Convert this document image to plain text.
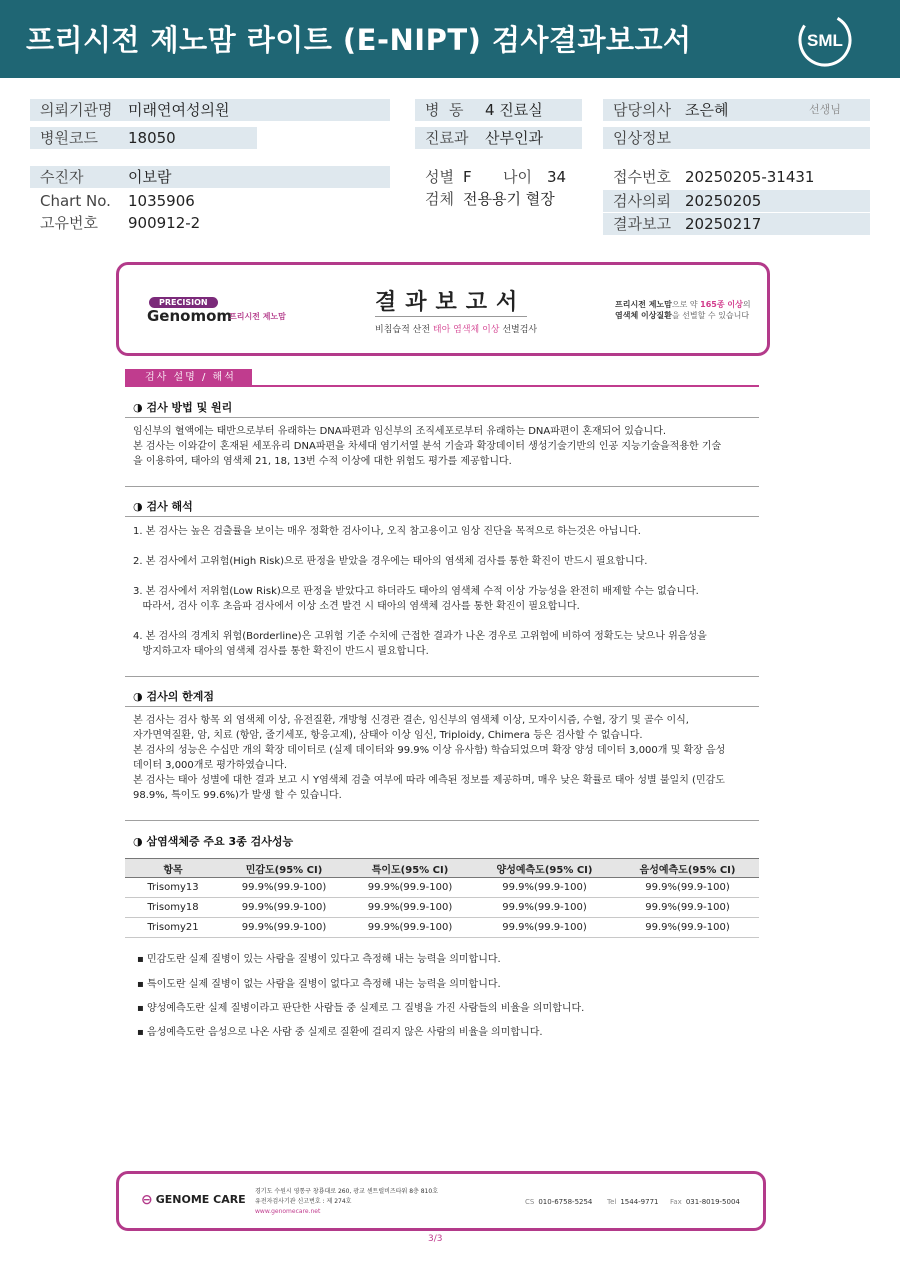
프리시전 제노맘 라이트 (E-NIPT) 검사결과보고서	SML
의뢰기관명 미래연여성의원
병원코드 18050
병  동 4 진료실
진료과 산부인과
담당의사 조은혜	선생님
임상정보
수진자	이보람
Chart No. 1035906
고유번호 900912-2
성별 F 나이 34
검체 전용용기 혈장
접수번호 20250205-31431
검사의뢰 20250205
결과보고 20250217
PRECISION
Genomom
프리시전 제노맘
결과보고서
비침습적 산전 태아 염색체 이상 선별검사
프리시전 제노맘으로 약 165종 이상의
염색체 이상질환을 선별할 수 있습니다
검사 설명 / 해석
◑ 검사 방법 및 원리
임신부의 혈액에는 태반으로부터 유래하는 DNA파편과 임신부의 조직세포로부터 유래하는 DNA파편이 혼재되어 있습니다.
본 검사는 이와같이 혼재된 세포유리 DNA파편을 차세대 염기서열 분석 기술과 확장데이터 생성기술기반의 인공 지능기술을적용한 기술
을 이용하여, 태아의 염색체 21, 18, 13번 수적 이상에 대한 위험도 평가를 제공합니다.
◑ 검사 해석
1. 본 검사는 높은 검출률을 보이는 매우 정확한 검사이나, 오직 참고용이고 임상 진단을 목적으로 하는것은 아닙니다.
2. 본 검사에서 고위험(High Risk)으로 판정을 받았을 경우에는 태아의 염색체 검사를 통한 확진이 반드시 필요합니다.
3. 본 검사에서 저위험(Low Risk)으로 판정을 받았다고 하더라도 태아의 염색체 수적 이상 가능성을 완전히 배제할 수는 없습니다.
따라서, 검사 이후 초음파 검사에서 이상 소견 발견 시 태아의 염색체 검사를 통한 확진이 필요합니다.
4. 본 검사의 경계치 위험(Borderline)은 고위험 기준 수치에 근접한 결과가 나온 경우로 고위험에 비하여 정확도는 낮으나 위음성을
방지하고자 태아의 염색체 검사를 통한 확진이 반드시 필요합니다.
◑ 검사의 한계점
본 검사는 검사 항목 외 염색체 이상, 유전질환, 개방형 신경관 결손, 임신부의 염색체 이상, 모자이시즘, 수혈, 장기 및 골수 이식,
자가면역질환, 암, 치료 (항암, 줄기세포, 항응고제), 삼태아 이상 임신, Triploidy, Chimera 등은 검사할 수 없습니다.
본 검사의 성능은 수십만 개의 확장 데이터로 (실제 데이터와 99.9% 이상 유사함) 학습되었으며 확장 양성 데이터 3,000개 및 확장 음성
데이터 3,000개로 평가하였습니다.
본 검사는 태아 성별에 대한 결과 보고 시 Y염색체 검출 여부에 따라 예측된 정보를 제공하며, 매우 낮은 확률로 태아 성별 불일치 (민감도
98.9%, 특이도 99.6%)가 발생 할 수 있습니다.
◑ 삼염색체증 주요 3종 검사성능
항목	민감도(95% CI)	특이도(95% CI)	양성예측도(95% CI)	음성예측도(95% CI)
Trisomy13	99.9%(99.9-100)	99.9%(99.9-100)	99.9%(99.9-100)	99.9%(99.9-100)
Trisomy18	99.9%(99.9-100)	99.9%(99.9-100)	99.9%(99.9-100)	99.9%(99.9-100)
Trisomy21	99.9%(99.9-100)	99.9%(99.9-100)	99.9%(99.9-100)	99.9%(99.9-100)
▪ 민감도란 실제 질병이 있는 사람을 질병이 있다고 측정해 내는 능력을 의미합니다.
▪ 특이도란 실제 질병이 없는 사람을 질병이 없다고 측정해 내는 능력을 의미합니다.
▪ 양성예측도란 실제 질병이라고 판단한 사람들 중 실제로 그 질병을 가진 사람들의 비율을 의미합니다.
▪ 음성예측도란 음성으로 나온 사람 중 실제로 질환에 걸리지 않은 사람의 비율을 의미합니다.
⊖ GENOME CARE
경기도 수원시 영통구 창룡대로 260, 광교 센트럴비즈타워 8층 810호
유전자검사기관 신고번호 : 제 274호
www.genomecare.net
CS 010-6758-5254 Tel 1544-9771 Fax 031-8019-5004
3/3
